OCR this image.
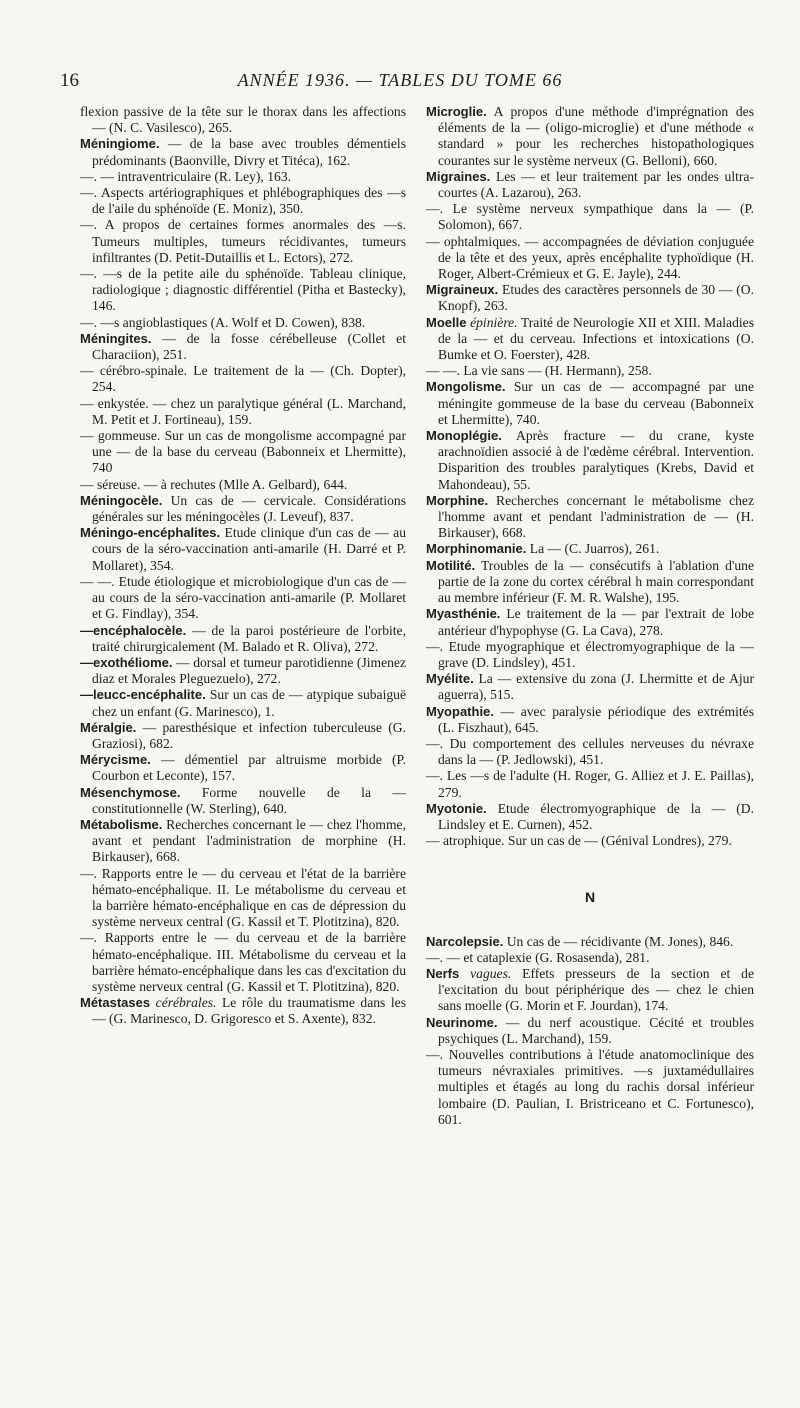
16	ANNÉE 1936. — TABLES DU TOME 66

flexion passive de la tête sur le thorax dans les affections — (N. C. Vasilesco), 265.

Méningiome. — de la base avec troubles démentiels prédominants (Baonville, Divry et Titéca), 162.

—. — intraventriculaire (R. Ley), 163.

—. Aspects artériographiques et phlébographiques des —s de l'aile du sphénoïde (E. Moniz), 350.

—. A propos de certaines formes anormales des —s. Tumeurs multiples, tumeurs récidivantes, tumeurs infiltrantes (D. Petit-Dutaillis et L. Ectors), 272.

—. —s de la petite aile du sphénoïde. Tableau clinique, radiologique ; diagnostic différentiel (Pitha et Bastecky), 146.

—. —s angioblastiques (A. Wolf et D. Cowen), 838.

Méningites. — de la fosse cérébelleuse (Collet et Characiion), 251.

— cérébro-spinale. Le traitement de la — (Ch. Dopter), 254.

— enkystée. — chez un paralytique général (L. Marchand, M. Petit et J. Fortineau), 159.

— gommeuse. Sur un cas de mongolisme accompagné par une — de la base du cerveau (Babonneix et Lhermitte), 740

— séreuse. — à rechutes (Mlle A. Gelbard), 644.

Méningocèle. Un cas de — cervicale. Considérations générales sur les méningocèles (J. Leveuf), 837.

Méningo-encéphalites. Etude clinique d'un cas de — au cours de la séro-vaccination anti-amarile (H. Darré et P. Mollaret), 354.

— —. Etude étiologique et microbiologique d'un cas de — au cours de la séro-vaccination anti-amarile (P. Mollaret et G. Findlay), 354.

—encéphalocèle. — de la paroi postérieure de l'orbite, traité chirurgicalement (M. Balado et R. Oliva), 272.

—exothéliome. — dorsal et tumeur parotidienne (Jimenez diaz et Morales Pleguezuelo), 272.

—leucc-encéphalite. Sur un cas de — atypique subaiguë chez un enfant (G. Marinesco), 1.

Méralgie. — paresthésique et infection tuberculeuse (G. Graziosi), 682.

Mérycisme. — démentiel par altruisme morbide (P. Courbon et Leconte), 157.

Mésenchymose. Forme nouvelle de la — constitutionnelle (W. Sterling), 640.

Métabolisme. Recherches concernant le — chez l'homme, avant et pendant l'administration de morphine (H. Birkauser), 668.

—. Rapports entre le — du cerveau et l'état de la barrière hémato-encéphalique. II. Le métabolisme du cerveau et la barrière hémato-encéphalique en cas de dépression du système nerveux central (G. Kassil et T. Plotitzina), 820.

—. Rapports entre le — du cerveau et de la barrière hémato-encéphalique. III. Métabolisme du cerveau et la barrière hémato-encéphalique dans les cas d'excitation du système nerveux central (G. Kassil et T. Plotitzina), 820.

Métastases cérébrales. Le rôle du traumatisme dans les — (G. Marinesco, D. Grigoresco et S. Axente), 832.

Microglie. A propos d'une méthode d'imprégnation des éléments de la — (oligo-microglie) et d'une méthode « standard » pour les recherches histopathologiques courantes sur le système nerveux (G. Belloni), 660.

Migraines. Les — et leur traitement par les ondes ultra-courtes (A. Lazarou), 263.

—. Le système nerveux sympathique dans la — (P. Solomon), 667.

— ophtalmiques. — accompagnées de déviation conjuguée de la tête et des yeux, après encéphalite typhoïdique (H. Roger, Albert-Crémieux et G. E. Jayle), 244.

Migraineux. Etudes des caractères personnels de 30 — (O. Knopf), 263.

Moelle épinière. Traité de Neurologie XII et XIII. Maladies de la — et du cerveau. Infections et intoxications (O. Bumke et O. Foerster), 428.

— —. La vie sans — (H. Hermann), 258.

Mongolisme. Sur un cas de — accompagné par une méningite gommeuse de la base du cerveau (Babonneix et Lhermitte), 740.

Monoplégie. Après fracture — du crane, kyste arachnoïdien associé à de l'œdème cérébral. Intervention. Disparition des troubles paralytiques (Krebs, David et Mahondeau), 55.

Morphine. Recherches concernant le métabolisme chez l'homme avant et pendant l'administration de — (H. Birkauser), 668.

Morphinomanie. La — (C. Juarros), 261.

Motilité. Troubles de la — consécutifs à l'ablation d'une partie de la zone du cortex cérébral h main correspondant au membre inférieur (F. M. R. Walshe), 195.

Myasthénie. Le traitement de la — par l'extrait de lobe antérieur d'hypophyse (G. La Cava), 278.

—. Etude myographique et électromyographique de la — grave (D. Lindsley), 451.

Myélite. La — extensive du zona (J. Lhermitte et de Ajur aguerra), 515.

Myopathie. — avec paralysie périodique des extrémités (L. Fiszhaut), 645.

—. Du comportement des cellules nerveuses du névraxe dans la — (P. Jedlowski), 451.

—. Les —s de l'adulte (H. Roger, G. Alliez et J. E. Paillas), 279.

Myotonie. Etude électromyographique de la — (D. Lindsley et E. Curnen), 452.

— atrophique. Sur un cas de — (Génival Londres), 279.

N

Narcolepsie. Un cas de — récidivante (M. Jones), 846.

—. — et cataplexie (G. Rosasenda), 281.

Nerfs vagues. Effets presseurs de la section et de l'excitation du bout périphérique des — chez le chien sans moelle (G. Morin et F. Jourdan), 174.

Neurinome. — du nerf acoustique. Cécité et troubles psychiques (L. Marchand), 159.

—. Nouvelles contributions à l'étude anatomoclinique des tumeurs névraxiales primitives. —s juxtamédullaires multiples et étagés au long du rachis dorsal inférieur lombaire (D. Paulian, I. Bristriceano et C. Fortunesco), 601.
